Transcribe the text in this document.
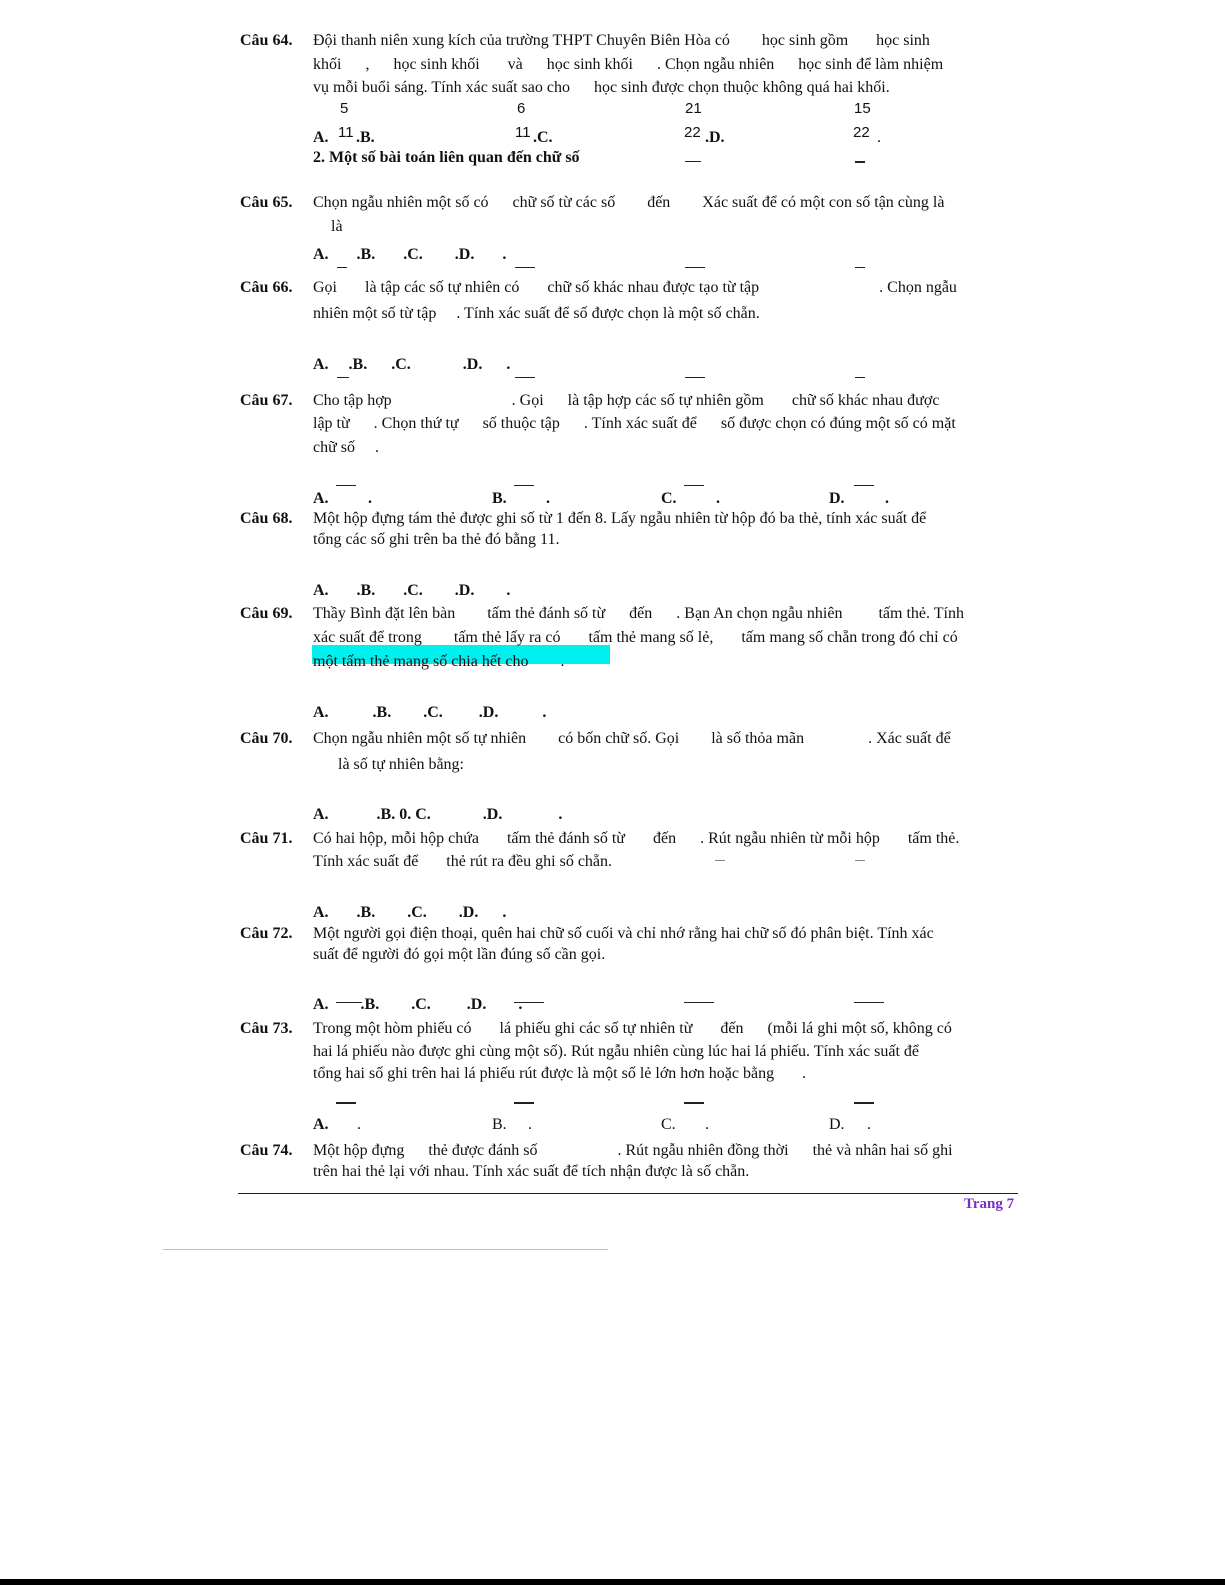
Câu 64. Đội thanh niên xung kích của trường THPT Chuyên Biên Hòa có        học sinh gồm       học sinh
khối      ,      học sinh khối       và      học sinh khối      . Chọn ngẫu nhiên      học sinh để làm nhiệm
vụ mỗi buổi sáng. Tính xác suất sao cho      học sinh được chọn thuộc không quá hai khối.
5	6	21	15
A. 11 .B.	11 .C.	22 .D.	22 .
2. Một số bài toán liên quan đến chữ số
Câu 65. Chọn ngẫu nhiên một số có      chữ số từ các số        đến        Xác suất để có một con số tận cùng là
là
A.       .B.       .C.        .D.       .
Câu 66. Gọi       là tập các số tự nhiên có       chữ số khác nhau được tạo từ tập                              . Chọn ngẫu
nhiên một số từ tập     . Tính xác suất để số được chọn là một số chẵn.
A.     .B.      .C.             .D.      .
Câu 67. Cho tập hợp                              . Gọi      là tập hợp các số tự nhiên gồm       chữ số khác nhau được
lập từ      . Chọn thứ tự      số thuộc tập      . Tính xác suất để      số được chọn có đúng một số có mặt
chữ số     .
A. .	B. .	C. .	D.	.
Câu 68. Một hộp đựng tám thẻ được ghi số từ 1 đến 8. Lấy ngẫu nhiên từ hộp đó ba thẻ, tính xác suất để
tổng các số ghi trên ba thẻ đó bằng 11.
A.       .B.       .C.        .D.        .
Câu 69. Thầy Bình đặt lên bàn        tấm thẻ đánh số từ      đến      . Bạn An chọn ngẫu nhiên         tấm thẻ. Tính
xác suất để trong        tấm thẻ lấy ra có       tấm thẻ mang số lẻ,       tấm mang số chẵn trong đó chỉ có
một tấm thẻ mang số chia hết cho        .
A.           .B.        .C.         .D.           .
Câu 70. Chọn ngẫu nhiên một số tự nhiên        có bốn chữ số. Gọi        là số thỏa mãn                . Xác suất để
là số tự nhiên bằng:
A.            .B. 0. C.             .D.              .
Câu 71. Có hai hộp, mỗi hộp chứa       tấm thẻ đánh số từ       đến      . Rút ngẫu nhiên từ mỗi hộp       tấm thẻ.
Tính xác suất để       thẻ rút ra đều ghi số chẵn.
A.       .B.        .C.        .D.      .
Câu 72. Một người gọi điện thoại, quên hai chữ số cuối và chỉ nhớ rằng hai chữ số đó phân biệt. Tính xác
suất để người đó gọi một lần đúng số cần gọi.
A.        .B.        .C.         .D.        .
Câu 73. Trong một hòm phiếu có       lá phiếu ghi các số tự nhiên từ       đến      (mỗi lá ghi một số, không có
hai lá phiếu nào được ghi cùng một số). Rút ngẫu nhiên cùng lúc hai lá phiếu. Tính xác suất để
tổng hai số ghi trên hai lá phiếu rút được là một số lẻ lớn hơn hoặc bằng       .
A. .	B. .	C. .	D. .
Câu 74. Một hộp đựng      thẻ được đánh số                    . Rút ngẫu nhiên đồng thời      thẻ và nhân hai số ghi
trên hai thẻ lại với nhau. Tính xác suất để tích nhận được là số chẵn.
Trang 7
